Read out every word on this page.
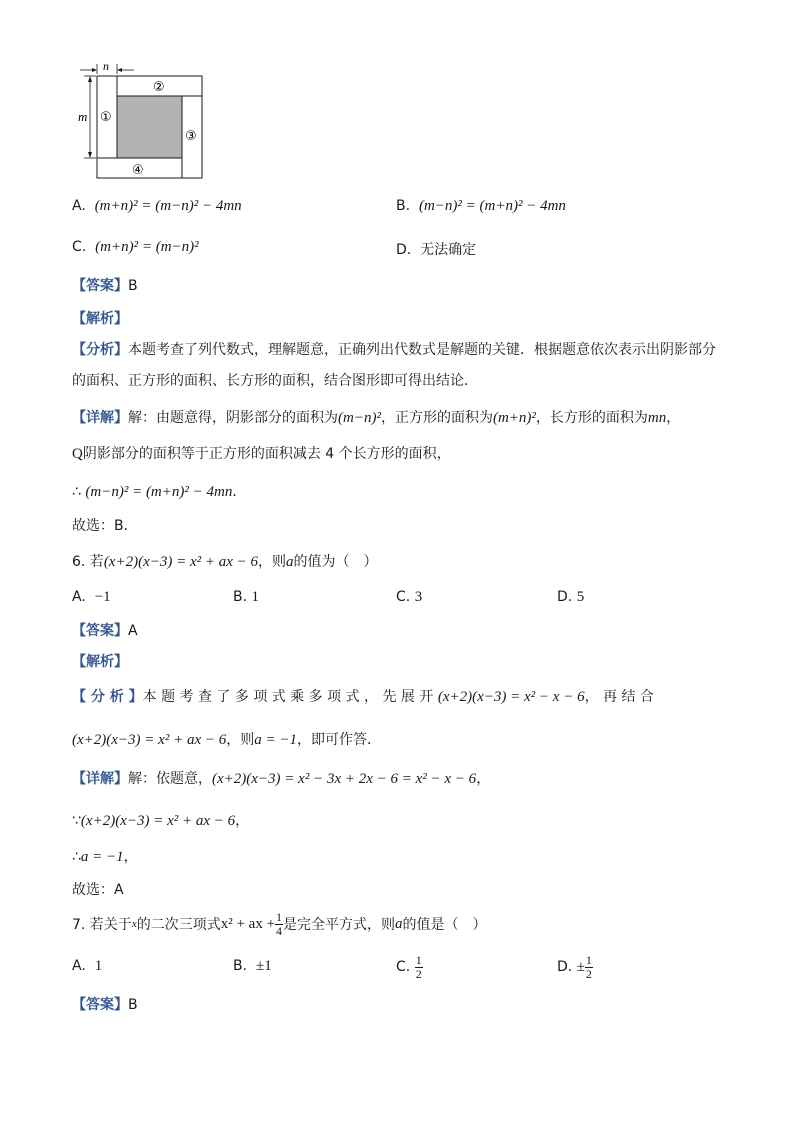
n
m ①
②
③
④
A. (m+n)² = (m−n)² − 4mn	B. (m−n)² = (m+n)² − 4mn
C. (m+n)² = (m−n)²	D. 无法确定
【答案】B
【解析】
【分析】本题考查了列代数式，理解题意，正确列出代数式是解题的关键．根据题意依次表示出阴影部分
的面积、正方形的面积、长方形的面积，结合图形即可得出结论．
【详解】解：由题意得，阴影部分的面积为(m−n)²，正方形的面积为(m+n)²，长方形的面积为mn，
Q阴影部分的面积等于正方形的面积减去 4 个长方形的面积，
∴ (m−n)² = (m+n)² − 4mn．
故选：B．
6. 若(x+2)(x−3) = x² + ax − 6，则a的值为（　）
A. −1	B. 1	C. 3	D. 5
【答案】A
【解析】
【 分 析 】本 题 考 查 了 多 项 式 乘 多 项 式 ， 先 展 开 (x+2)(x−3) = x² − x − 6， 再 结 合
(x+2)(x−3) = x² + ax − 6，则a = −1，即可作答．
【详解】解：依题意，(x+2)(x−3) = x² − 3x + 2x − 6 = x² − x − 6，
∵(x+2)(x−3) = x² + ax − 6，
∴a = −1，
故选：A
7. 若关于 x 的二次三项式 x² + ax + $\frac{1}{4}$ 是完全平方式，则 a 的值是（　）
A. 1	B. ±1	C.
$\frac{1}{2}$	D.
± $\frac{1}{2}$
【答案】B
